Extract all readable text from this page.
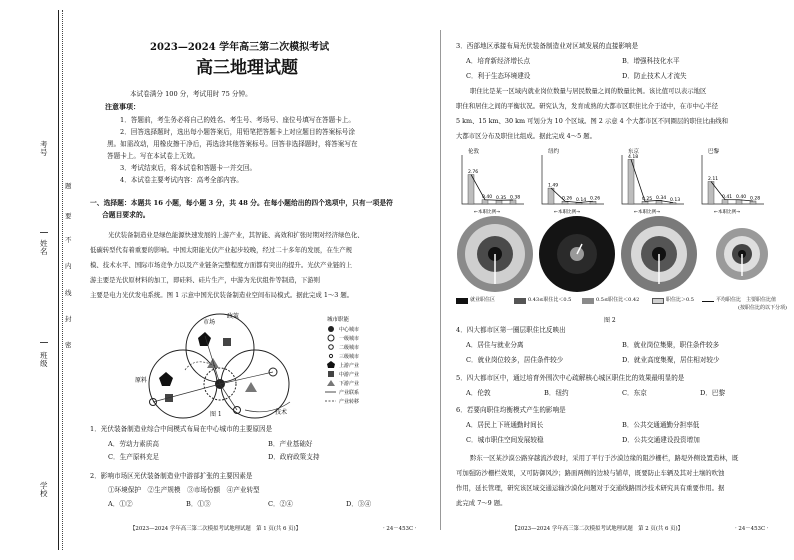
考号
姓名
班级
学校
题
要
不
内
线
封
密
2023—2024 学年高三第二次模拟考试
高三地理试题
本试卷满分 100 分，考试用时 75 分钟。
注意事项：
1．答题前，考生务必将自己的姓名、考生号、考场号、座位号填写在答题卡上。
2．回答选择题时，选出每小题答案后，用铅笔把答题卡上对应题目的答案标号涂
黑。如需改动，用橡皮擦干净后，再选涂其他答案标号。回答非选择题时，将答案写在
答题卡上。写在本试卷上无效。
3．考试结束后，将本试卷和答题卡一并交回。
4．本试卷主要考试内容：高考全部内容。
一、选择题：本题共 16 小题，每小题 3 分，共 48 分。在每小题给出的四个选项中，只有一项是符
合题目要求的。
光伏装备制造业是绿色能源快速发展的上游产业，其智能、高效和扩张时期对经济绿色化、
低碳转型代有着重要的影响。中国太阳能光伏产业起步较晚，经过二十多年的发展，在生产规
模、技术水平、国际市场竞争力以及产业链条完整程度方面都有突出的提升。光伏产业链的上
游主要是光伏原材料的加工，即硅料、硅片生产，中游为光伏组件等制造，下游则
主要是电力光伏发电系统。图 1 示意中国光伏装备制造业空间布局模式。据此完成 1～3 题。
市场
政策
原料
技术
城市职能
中心城市
一级城市
二级城市
三级城市
上游产业
中游产业
下游产业
产业联系
产业转移
图 1
1．光伏装备制造业综合中间模式布局在中心城市的主要原因是
A．劳动力素质高	B．产业基础好
C．生产原料充足	D．政府政策支持
2．影响市场区光伏装备制造业中游部扩张的主要因素是
①环境保护　②生产规模　③市场份额　④产业转型
A．①②	B．①③	C．②④	D．③④
【2023—2024 学年高三第二次模拟考试地理试题　第 1 页(共 6 页)】	· 24－453C ·
3．西部地区承接布局光伏装备制造业对区域发展的直接影响是
A．培育新经济增长点	B．增强科技化水平
C．利于生态环境建设	D．防止技术人才流失
职住比是某一区域内就业岗位数量与居民数量之间的数量比例。该比值可以表示地区
职住和居住之间的平衡状况。研究认为，发育成熟的大都市区职住比介于适中，在市中心半径
5 km、15 km、30 km 可划分为 10 个区域。图 2 示意 4 个大都市区不同圈层的职住比曲线和
大都市区分布及职住比组成。据此完成 4～5 题。
伦敦
2.76
0.40 0.35 0.38
←本职比例→
纽约
1.49
0.26 0.14 0.26
←本职比例→
东京
4.18
0.25 0.34 0.13
←本职比例→
巴黎
2.11
0.41 0.40 0.28
←本职比例→
就业职住区	0.43≤职住比＜0.5	0.5≤职住比＜0.42	职住比＞0.5	平均职住比 主要职住比值
(按职住比的以下分项)
图 2
4．四大都市区第一圈层职住比反映出
A．居住与就业分离	B．就业岗位集聚，职住条件较多
C．就业岗位较多，居住条件较少	D．就业高度集聚，居住相对较少
5．四大都市区中，通过培育外围次中心疏解核心城区职住比的效果最明显的是
A．伦敦	B．纽约	C．东京	D．巴黎
6．若要向职住均衡模式产生的影响是
A．居民上下班通勤时间长	B．公共交通通勤分担率低
C．城市职住空间发展较稳	D．公共交通建设投资增加
黔东一区某沙漠公路穿越流沙段时，采用了平行于沙漠边缘的阻沙栅栏，路堤外侧设置造林，既
可加强防沙栅栏效果，又可防御风沙；路面两侧的边坡与铺草，既要防止车辆及其对土壤的吹蚀
作用，延长管理，研究该区域交通运输沙漠化问题对于交通线路固沙技术研究具有重要作用。据
此完成 7～9 题。
【2023—2024 学年高三第二次模拟考试地理试题　第 2 页(共 6 页)】	· 24－453C ·
